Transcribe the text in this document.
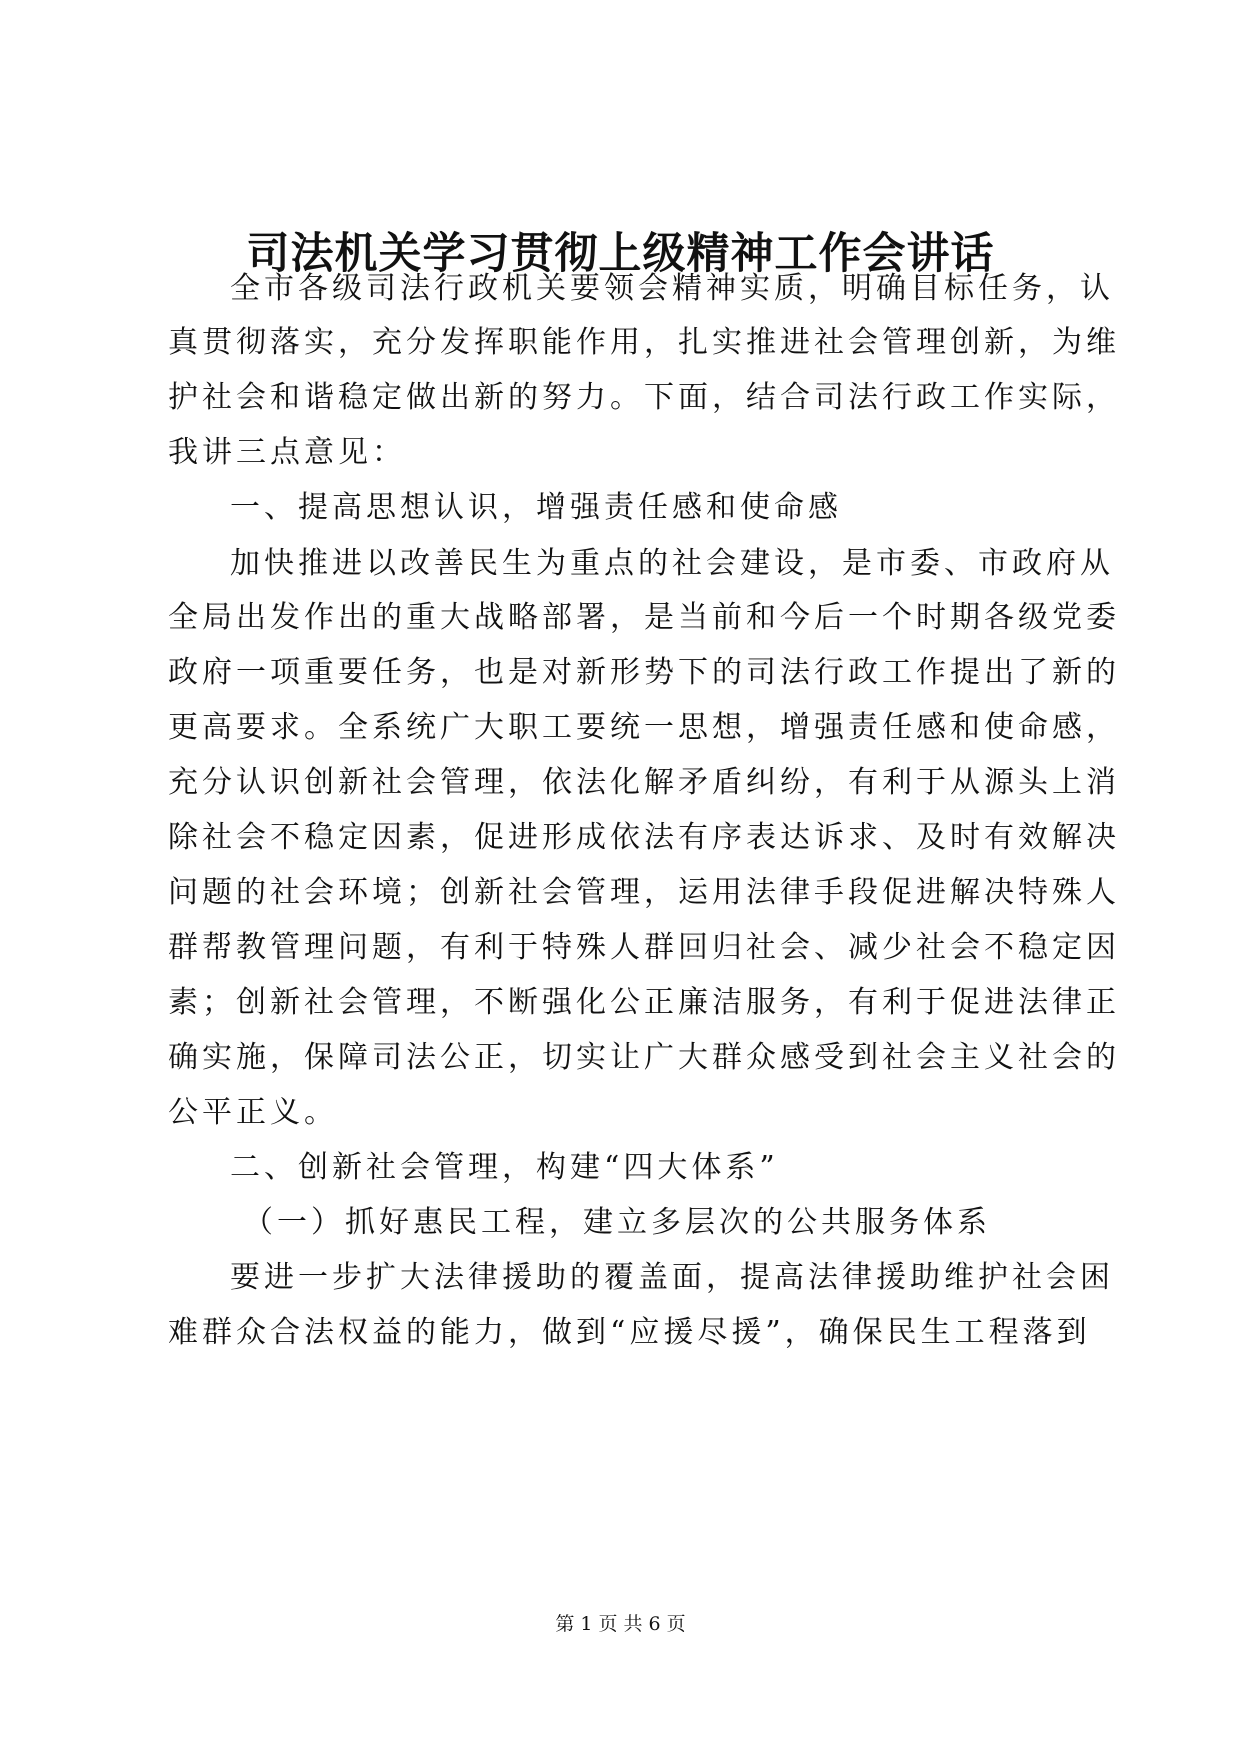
司法机关学习贯彻上级精神工作会讲话
全市各级司法行政机关要领会精神实质，明确目标任务，认
真贯彻落实，充分发挥职能作用，扎实推进社会管理创新，为维
护社会和谐稳定做出新的努力。下面，结合司法行政工作实际，
我讲三点意见：
一、提高思想认识，增强责任感和使命感
加快推进以改善民生为重点的社会建设，是市委、市政府从
全局出发作出的重大战略部署，是当前和今后一个时期各级党委
政府一项重要任务，也是对新形势下的司法行政工作提出了新的
更高要求。全系统广大职工要统一思想，增强责任感和使命感，
充分认识创新社会管理，依法化解矛盾纠纷，有利于从源头上消
除社会不稳定因素，促进形成依法有序表达诉求、及时有效解决
问题的社会环境；创新社会管理，运用法律手段促进解决特殊人
群帮教管理问题，有利于特殊人群回归社会、减少社会不稳定因
素；创新社会管理，不断强化公正廉洁服务，有利于促进法律正
确实施，保障司法公正，切实让广大群众感受到社会主义社会的
公平正义。
二、创新社会管理，构建“四大体系”
（一）抓好惠民工程，建立多层次的公共服务体系
要进一步扩大法律援助的覆盖面，提高法律援助维护社会困
难群众合法权益的能力，做到“应援尽援”，确保民生工程落到
第 1 页 共 6 页
